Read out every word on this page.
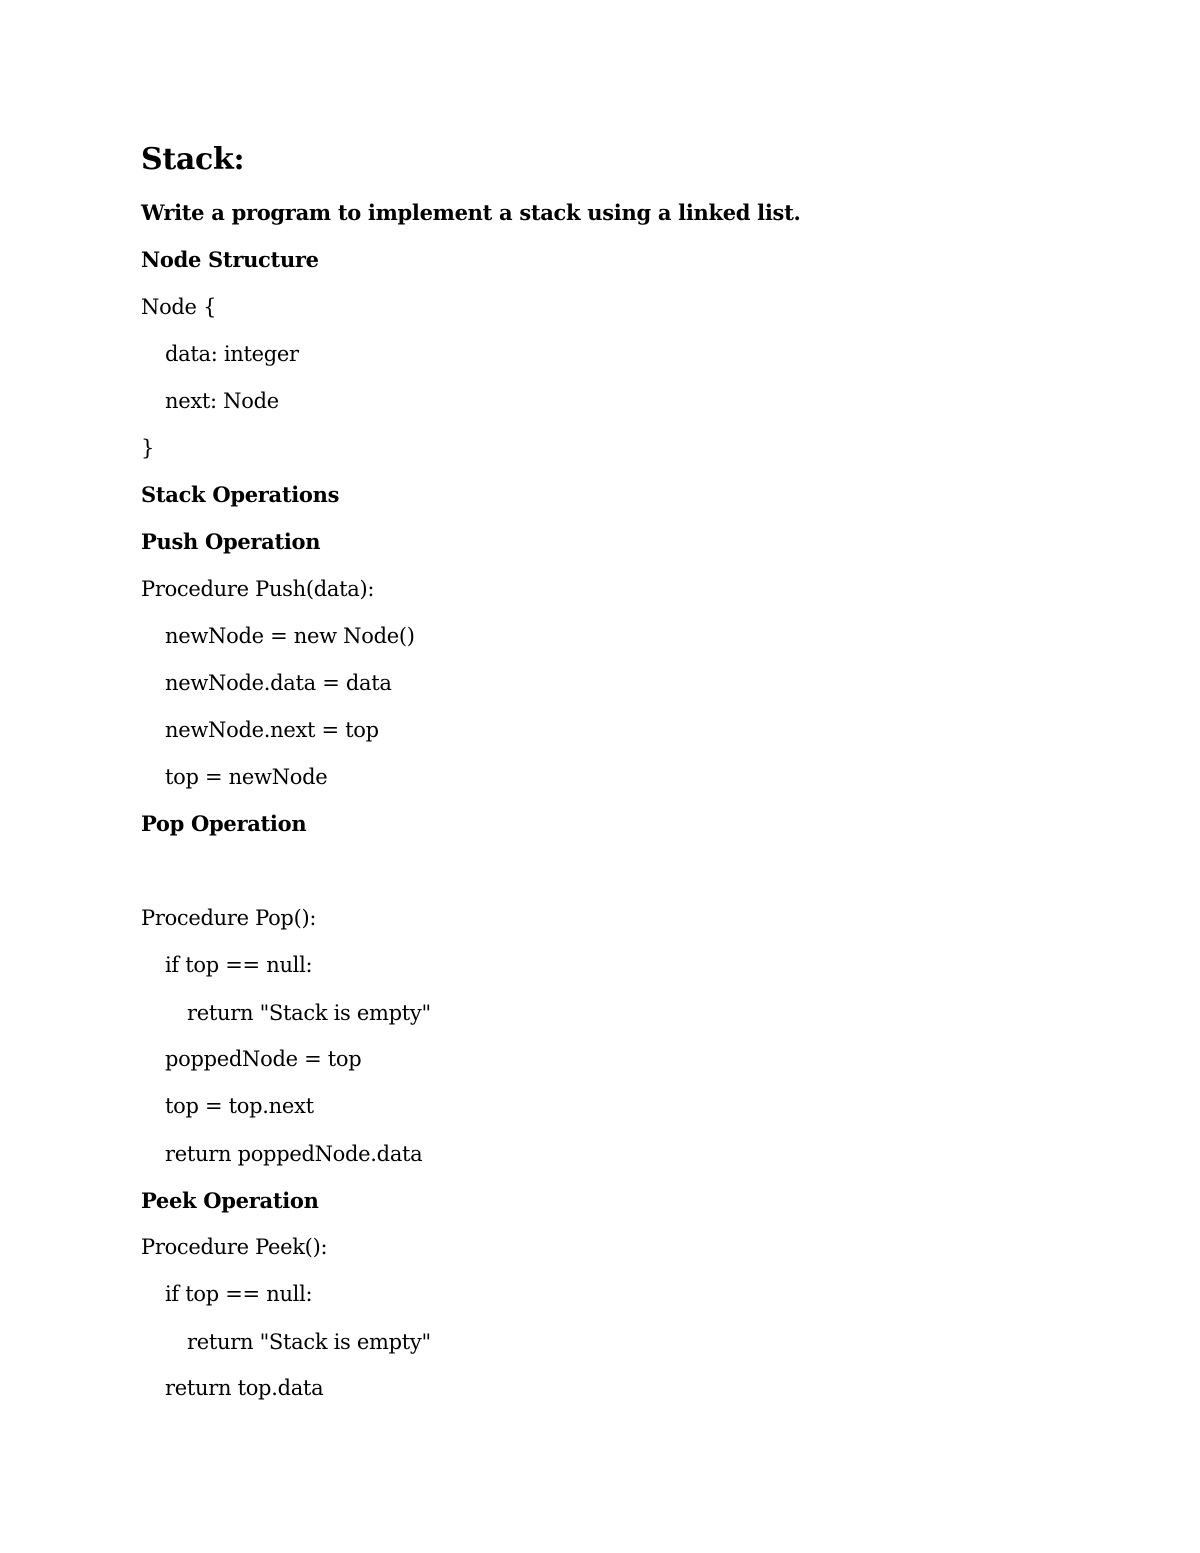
Stack:
Write a program to implement a stack using a linked list.
Node Structure
Node {
data: integer
next: Node
}
Stack Operations
Push Operation
Procedure Push(data):
newNode = new Node()
newNode.data = data
newNode.next = top
top = newNode
Pop Operation
Procedure Pop():
if top == null:
return "Stack is empty"
poppedNode = top
top = top.next
return poppedNode.data
Peek Operation
Procedure Peek():
if top == null:
return "Stack is empty"
return top.data
